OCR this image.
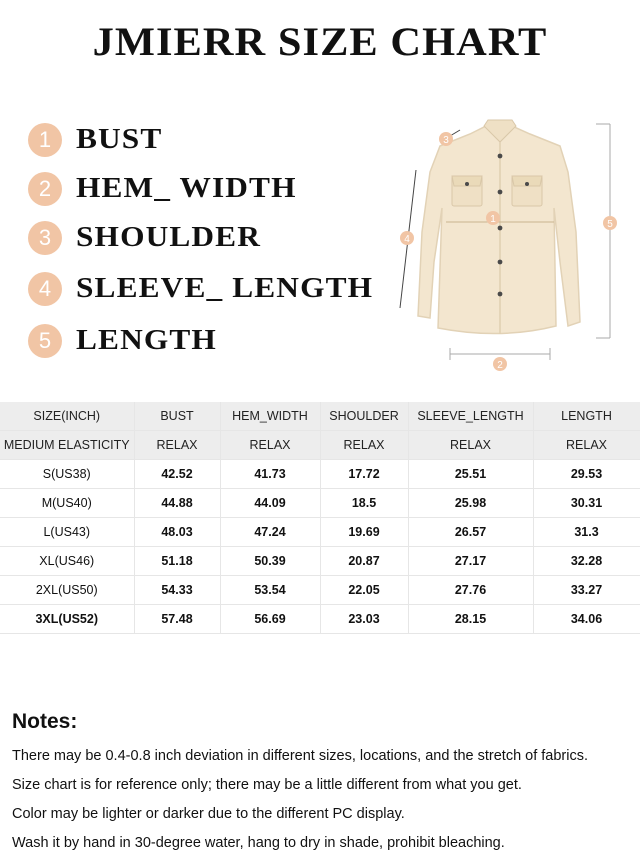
JMIERR SIZE CHART
1 BUST
2 HEM_ WIDTH
3 SHOULDER
4 SLEEVE_ LENGTH
5 LENGTH
1
2
3
4
5
SIZE(INCH)	BUST	HEM_WIDTH	SHOULDER	SLEEVE_LENGTH	LENGTH
MEDIUM ELASTICITY	RELAX	RELAX	RELAX	RELAX	RELAX
S(US38)	42.52	41.73	17.72	25.51	29.53
M(US40)	44.88	44.09	18.5	25.98	30.31
L(US43)	48.03	47.24	19.69	26.57	31.3
XL(US46)	51.18	50.39	20.87	27.17	32.28
2XL(US50)	54.33	53.54	22.05	27.76	33.27
3XL(US52)	57.48	56.69	23.03	28.15	34.06
Notes:
There may be 0.4-0.8 inch deviation in different sizes, locations, and the stretch of fabrics.
Size chart is for reference only; there may be a little different from what you get.
Color may be lighter or darker due to the different PC display.
Wash it by hand in 30-degree water, hang to dry in shade, prohibit bleaching.
